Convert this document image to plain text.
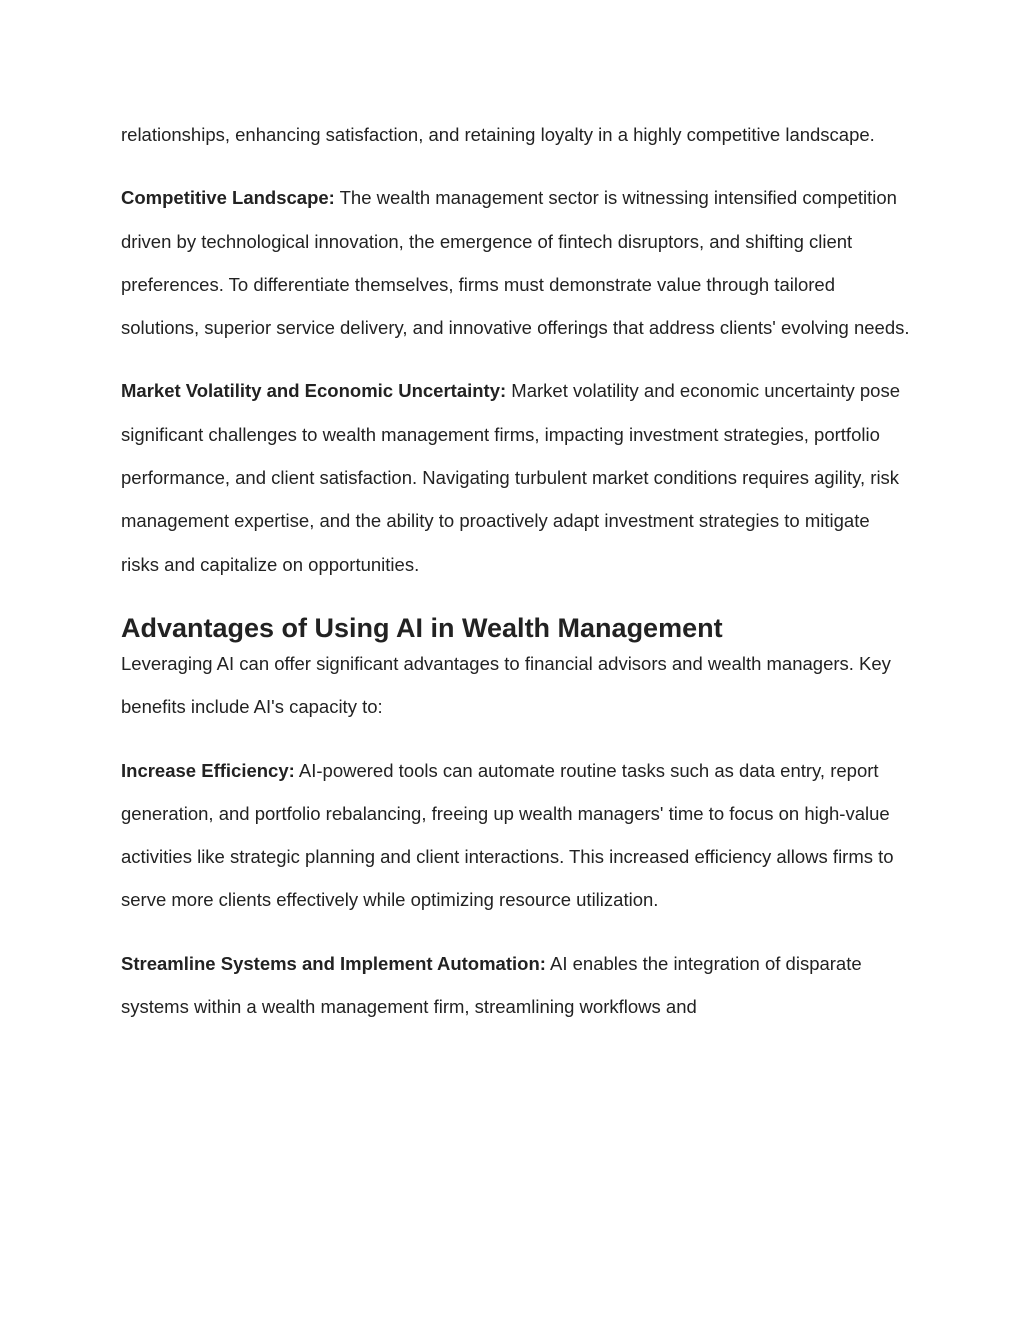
relationships, enhancing satisfaction, and retaining loyalty in a highly competitive landscape.

Competitive Landscape: The wealth management sector is witnessing intensified competition driven by technological innovation, the emergence of fintech disruptors, and shifting client preferences. To differentiate themselves, firms must demonstrate value through tailored solutions, superior service delivery, and innovative offerings that address clients' evolving needs.

Market Volatility and Economic Uncertainty: Market volatility and economic uncertainty pose significant challenges to wealth management firms, impacting investment strategies, portfolio performance, and client satisfaction. Navigating turbulent market conditions requires agility, risk management expertise, and the ability to proactively adapt investment strategies to mitigate risks and capitalize on opportunities.

Advantages of Using AI in Wealth Management

Leveraging AI can offer significant advantages to financial advisors and wealth managers. Key benefits include AI's capacity to:

Increase Efficiency: AI-powered tools can automate routine tasks such as data entry, report generation, and portfolio rebalancing, freeing up wealth managers' time to focus on high-value activities like strategic planning and client interactions. This increased efficiency allows firms to serve more clients effectively while optimizing resource utilization.

Streamline Systems and Implement Automation: AI enables the integration of disparate systems within a wealth management firm, streamlining workflows and
